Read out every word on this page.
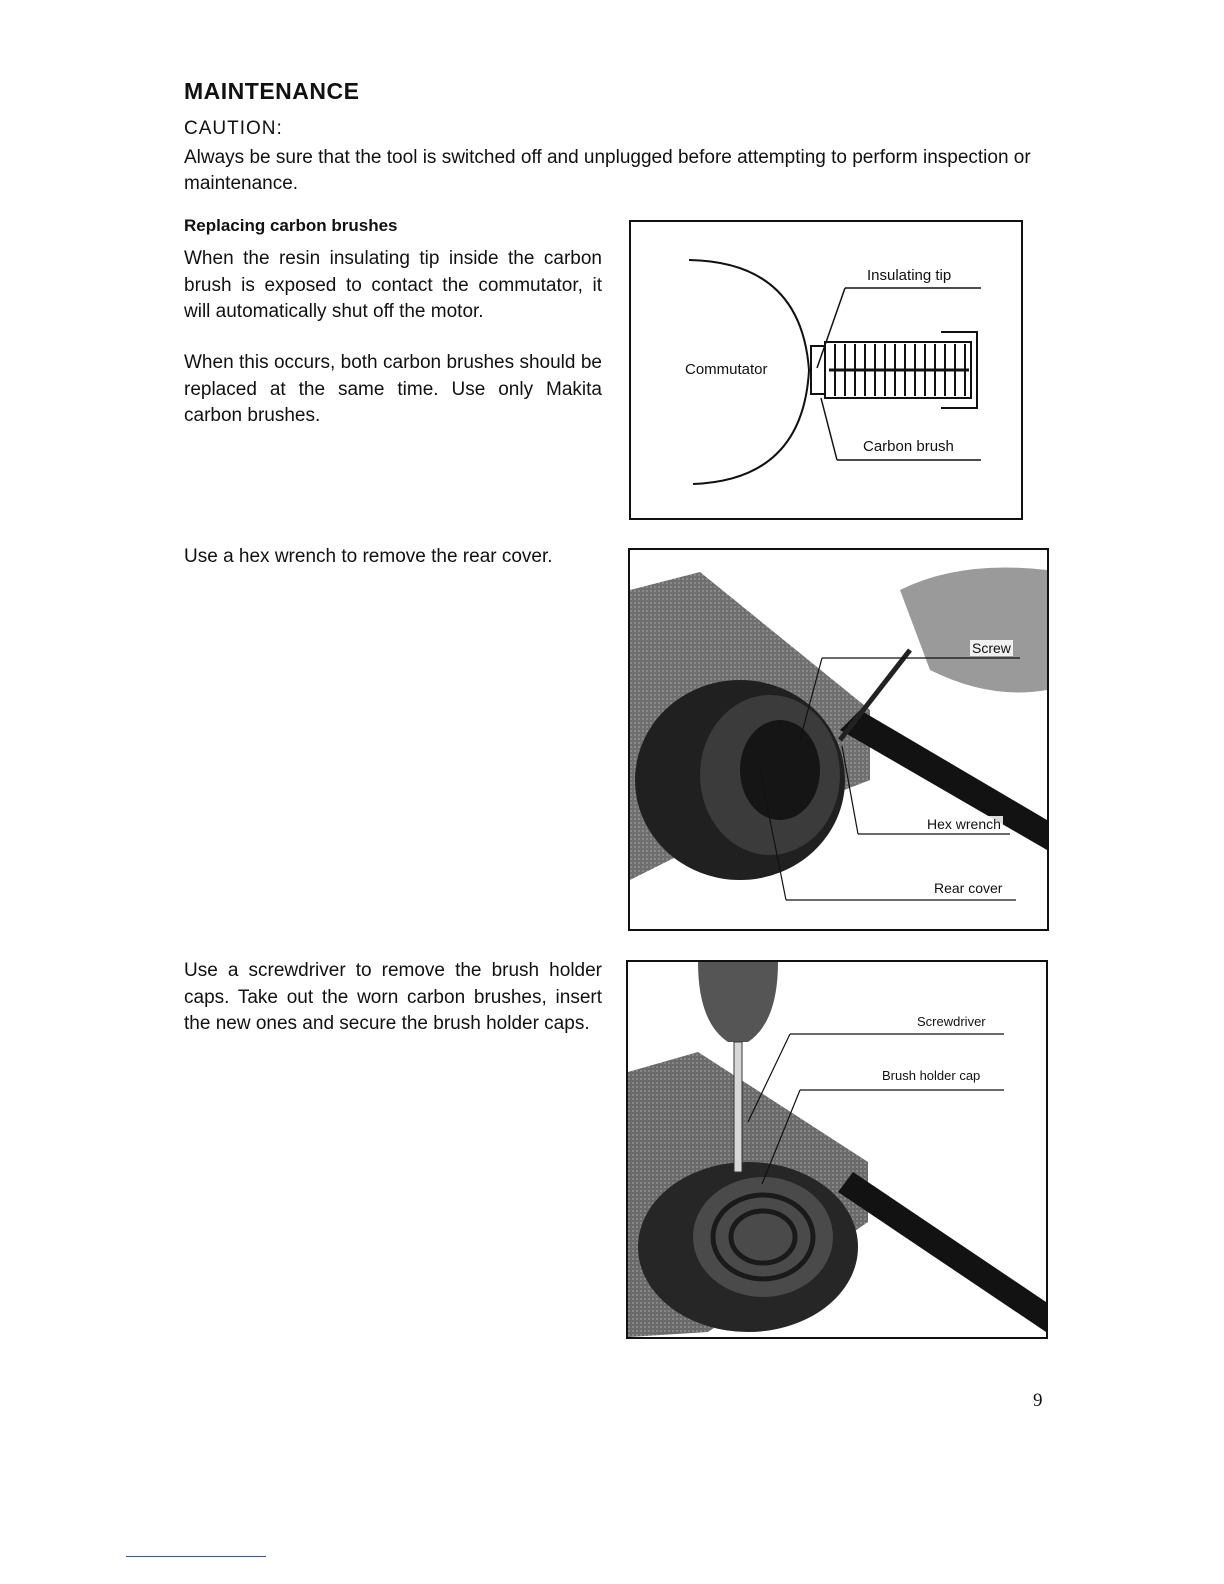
MAINTENANCE
CAUTION:
Always be sure that the tool is switched off and unplugged before attempting to perform inspection or maintenance.
Replacing carbon brushes
When the resin insulating tip inside the carbon brush is exposed to contact the commutator, it will automatically shut off the motor.
When this occurs, both carbon brushes should be replaced at the same time. Use only Makita carbon brushes.
Use a hex wrench to remove the rear cover.
Use a screwdriver to remove the brush holder caps. Take out the worn carbon brushes, insert the new ones and secure the brush holder caps.
Insulating tip
Commutator
Carbon brush
Screw
Hex wrench
Rear cover
Screwdriver
Brush holder cap
9
